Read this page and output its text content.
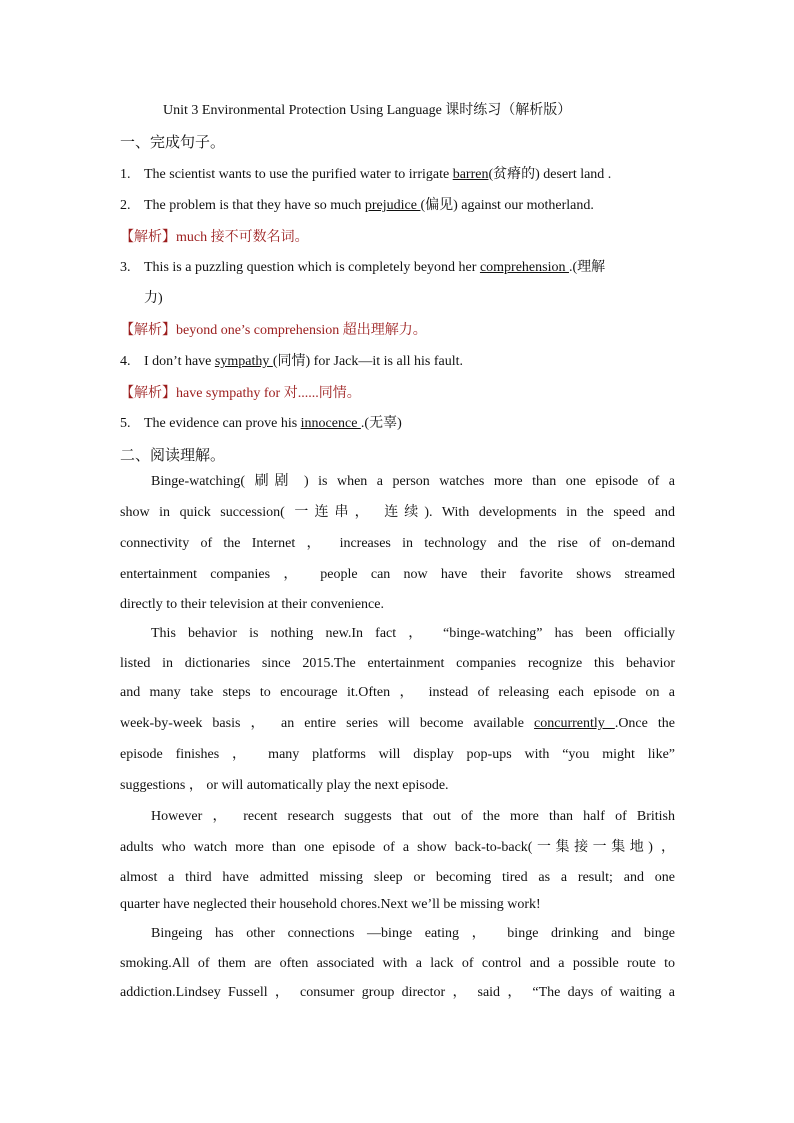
Unit 3 Environmental Protection Using Language 课时练习（解析版）
一、完成句子。
1. The scientist wants to use the purified water to irrigate barren(贫瘠的) desert land .
2. The problem is that they have so much prejudice (偏见) against our motherland.
【解析】much 接不可数名词。
3. This is a puzzling question which is completely beyond her comprehension .(理解
力)
【解析】beyond one’s comprehension 超出理解力。
4. I don’t have sympathy (同情) for Jack—it is all his fault.
【解析】have sympathy for 对......同情。
5. The evidence can prove his innocence .(无辜)
二、阅读理解。
Binge-watching( 刷剧 ) is when a person watches more than one episode of a
show in quick succession( 一连串， 连续). With developments in the speed and
connectivity of the Internet ， increases in technology and the rise of on-demand
entertainment companies ， people can now have their favorite shows streamed
directly to their television at their convenience.
This behavior is nothing new.In fact ， “binge-watching” has been officially
listed in dictionaries since 2015.The entertainment companies recognize this behavior
and many take steps to encourage it.Often ， instead of releasing each episode on a
week-by-week basis ， an entire series will become available concurrently .Once the
episode finishes ， many platforms will display pop-ups with “you might like”
suggestions ， or will automatically play the next episode.
However ， recent research suggests that out of the more than half of British
adults who watch more than one episode of a show back-to-back(一集接一集地) ，
almost a third have admitted missing sleep or becoming tired as a result; and one
quarter have neglected their household chores.Next we’ll be missing work!
Bingeing has other connections —binge eating ， binge drinking and binge
smoking.All of them are often associated with a lack of control and a possible route to
addiction.Lindsey Fussell ， consumer group director ， said ， “The days of waiting a
